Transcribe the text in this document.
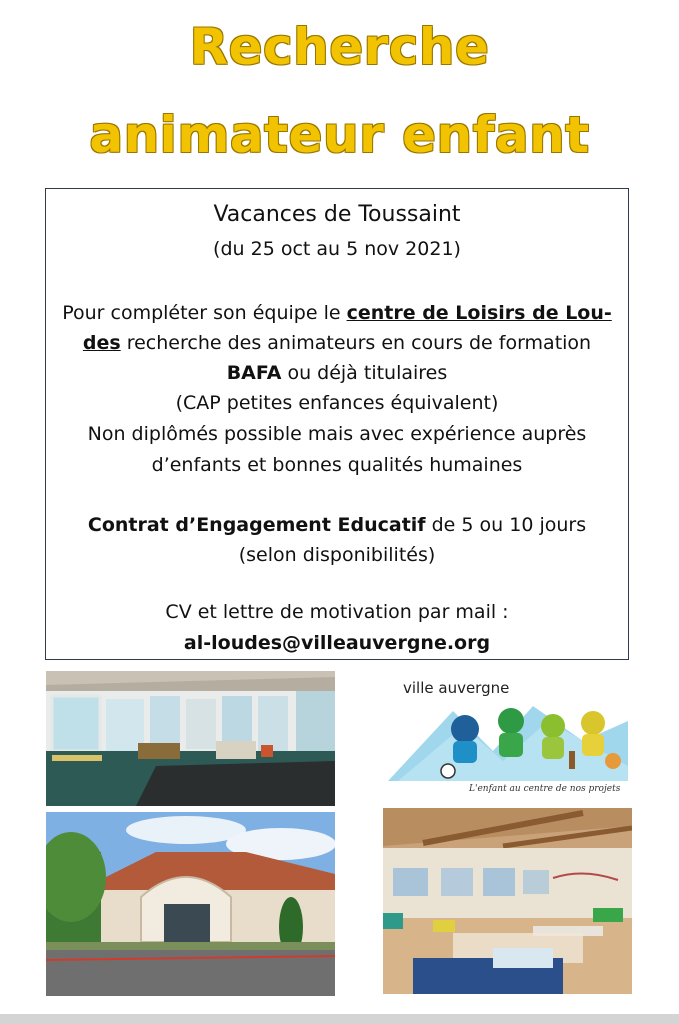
Recherche
animateur enfant
Vacances de Toussaint
(du 25 oct au 5 nov 2021)
Pour compléter son équipe le centre de Loisirs de Lou-
des recherche des animateurs en cours de formation
BAFA ou déjà titulaires
(CAP petites enfances équivalent)
Non diplômés possible mais avec expérience auprès
d’enfants et bonnes qualités humaines
Contrat d’Engagement Educatif de 5 ou 10 jours
(selon disponibilités)
CV et lettre de motivation par mail :
al-loudes@villeauvergne.org
ville auvergne
L'enfant au centre de nos projets
